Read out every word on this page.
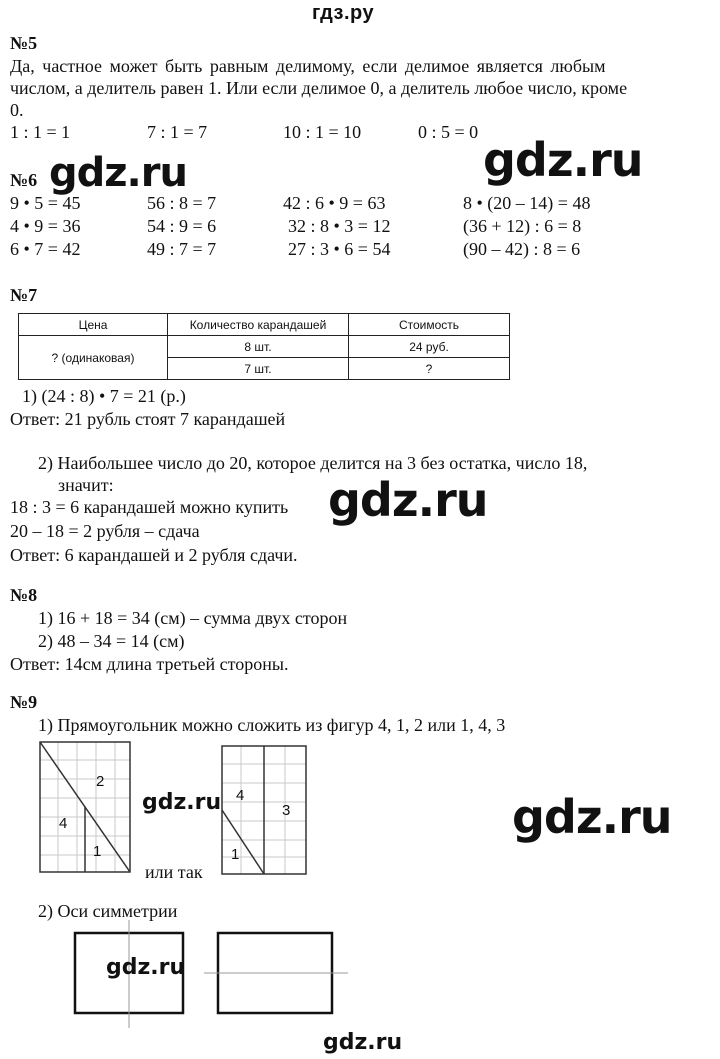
гдз.ру
№5
Да, частное может быть равным делимому, если делимое является любым
числом, а делитель равен 1. Или если делимое 0, а делитель любое число, кроме
0.
1 : 1 = 1	7 : 1 = 7	10 : 1 = 10	0 : 5 = 0
gdz.ru
gdz.ru
№6
9 • 5 = 45	56 : 8 = 7	42 : 6 • 9 = 63	8 • (20 – 14) = 48
4 • 9 = 36	54 : 9 = 6	32 : 8 • 3 = 12	(36 + 12) : 6 = 8
6 • 7 = 42	49 : 7 = 7	27 : 3 • 6 = 54	(90 – 42) : 8 = 6
№7
Цена	Количество карандашей	Стоимость
? (одинаковая)	8 шт.	24 руб.
	7 шт.	?
1) (24 : 8) • 7 = 21 (р.)
Ответ: 21 рубль стоят 7 карандашей
2) Наибольшее число до 20, которое делится на 3 без остатка, число 18,
значит:
18 : 3 = 6 карандашей можно купить gdz.ru
20 – 18 = 2 рубля – сдача
Ответ: 6 карандашей и 2 рубля сдачи.
№8
1) 16 + 18 = 34 (см) – сумма двух сторон
2) 48 – 34 = 14 (см)
Ответ: 14см длина третьей стороны.
№9
1) Прямоугольник можно сложить из фигур 4, 1, 2 или 1, 4, 3
2
4
1
gdz.ru
или так
4
3
1
gdz.ru
2) Оси симметрии
gdz.ru
gdz.ru
